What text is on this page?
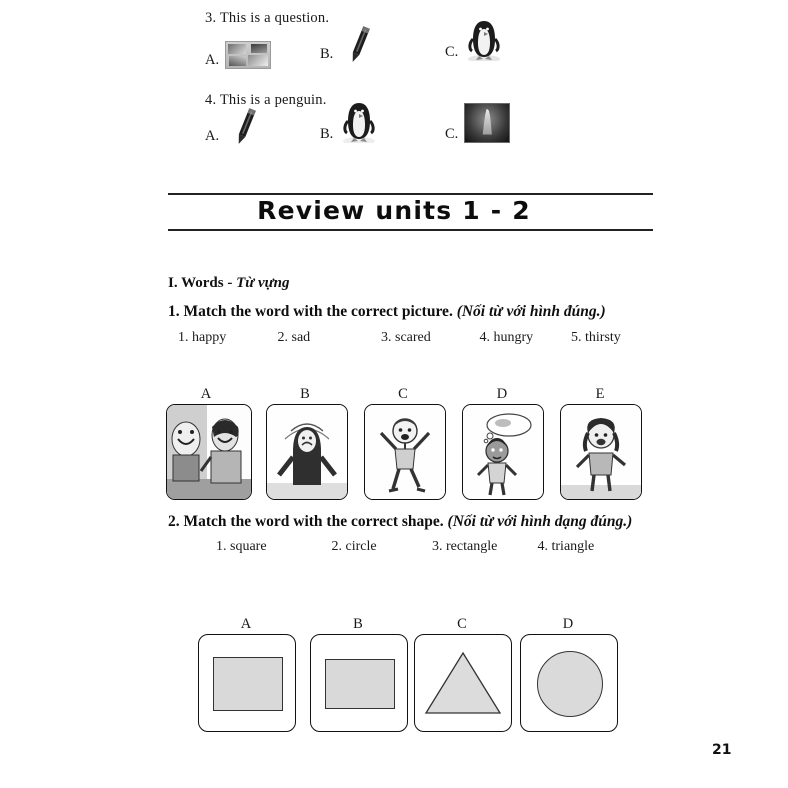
3. This is a question.
A.	B.	C.
4. This is a penguin.
A.	B.	C.
Review units 1 - 2
I. Words - Từ vựng
1. Match the word with the correct picture. (Nối từ với hình đúng.)
1. happy	2. sad	3. scared	4. hungry	5. thirsty
A	B	C	D	E
2. Match the word with the correct shape. (Nối từ với hình dạng đúng.)
1. square	2. circle	3. rectangle	4. triangle
A	B	C	D
21
